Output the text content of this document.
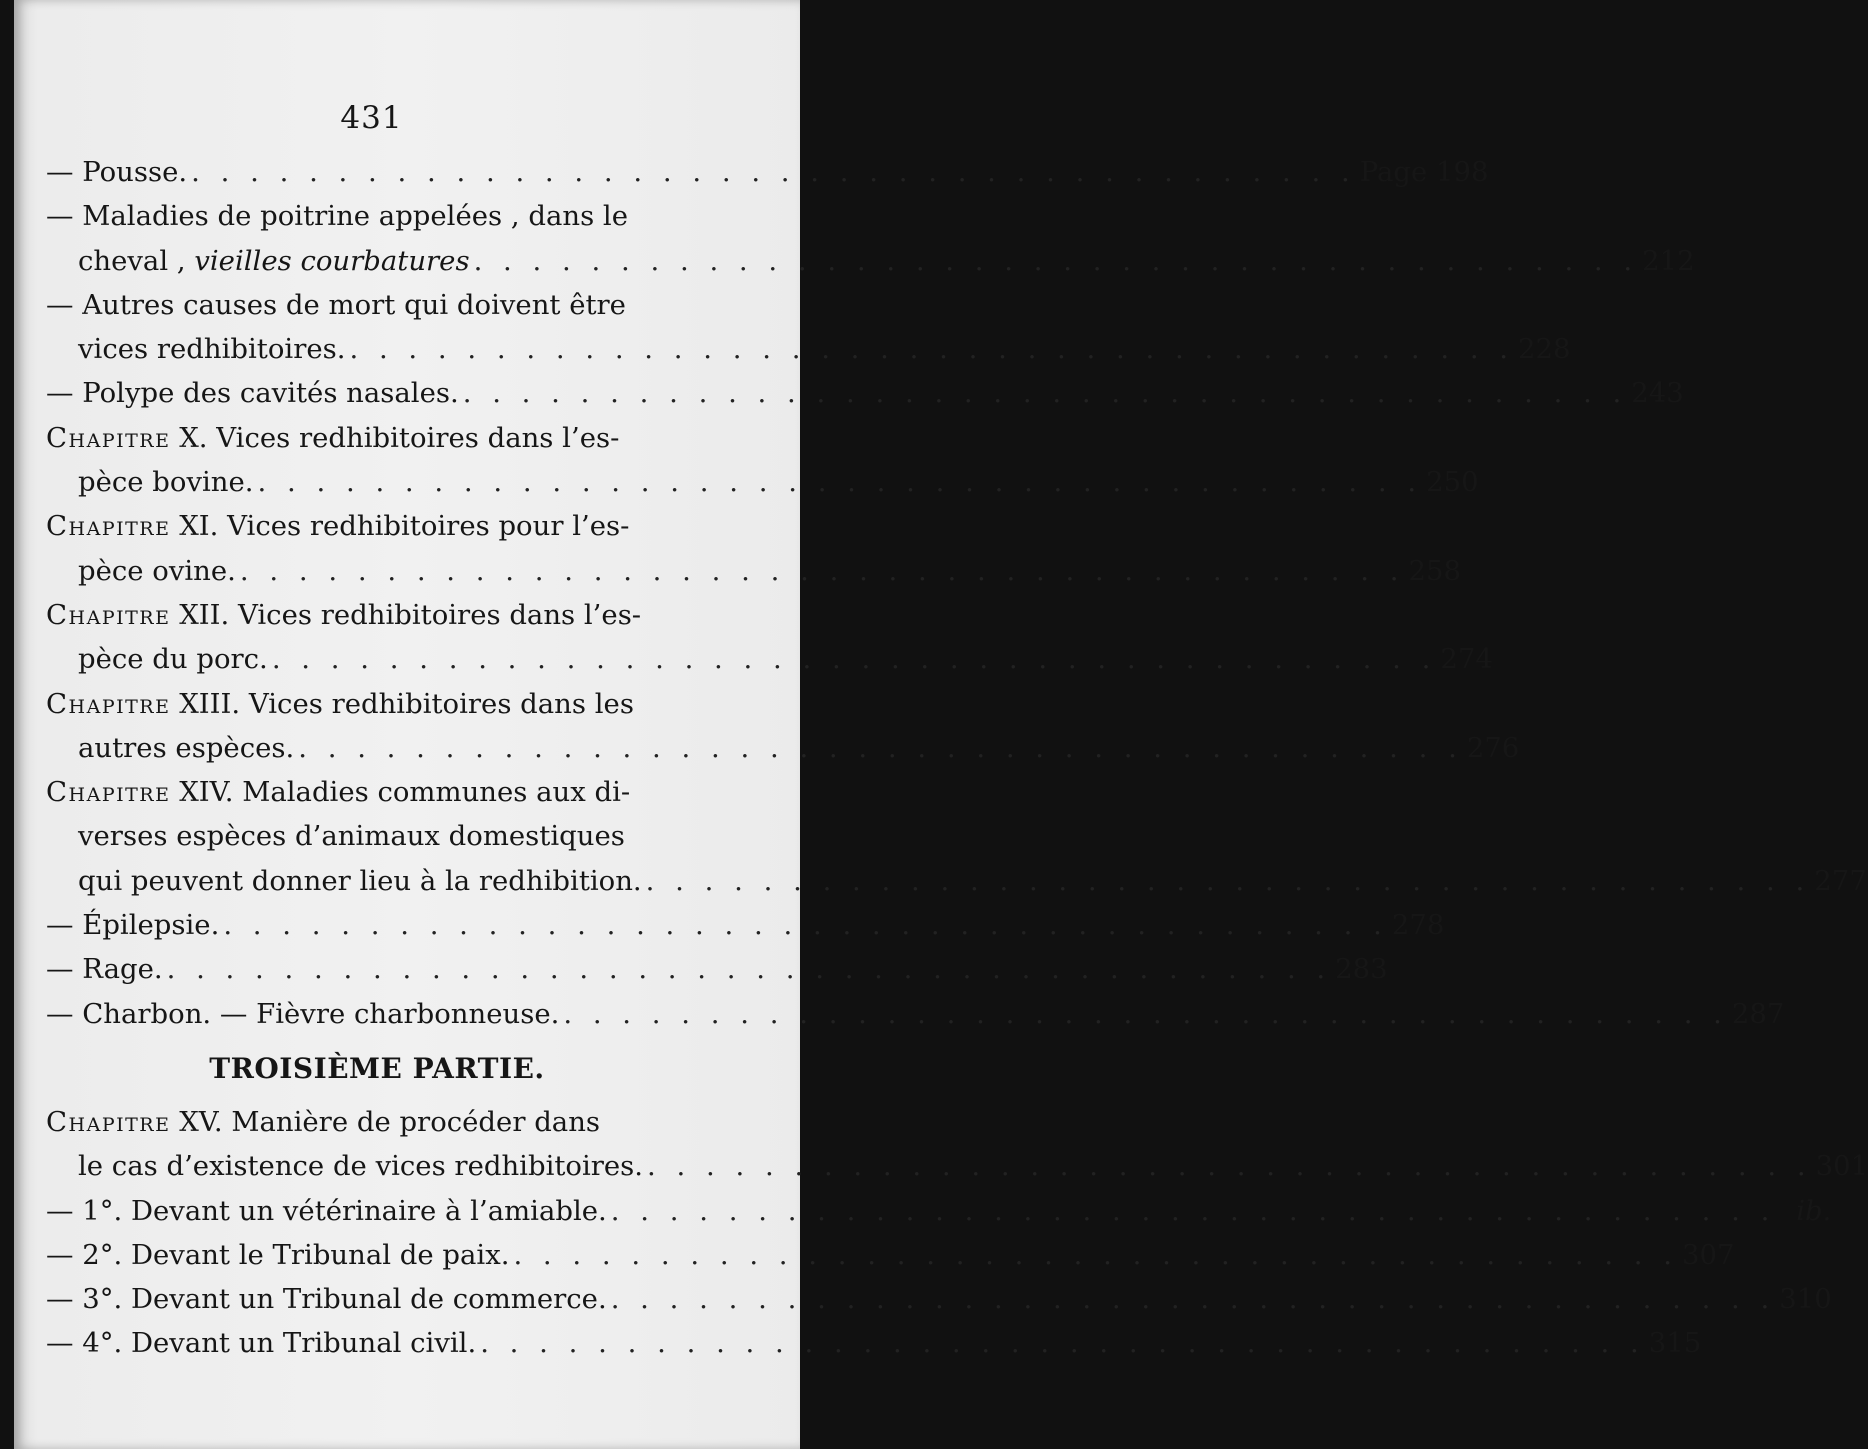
431
— Pousse. . . . . . . . . . . . . . . . . . . . . . . . . . . . . . . . . . . . . . . . . Page 198
— Maladies de poitrine appelées , dans le
cheval , vieilles courbatures . . . . . . . . . . . . . . . . . . . . . . . . . . . . . . . . . . . . . . . . 212
— Autres causes de mort qui doivent être
vices redhibitoires. . . . . . . . . . . . . . . . . . . . . . . . . . . . . . . . . . . . . . . . . 228
— Polype des cavités nasales. . . . . . . . . . . . . . . . . . . . . . . . . . . . . . . . . . . . . . . . . 243
Chapitre X. Vices redhibitoires dans l’es-
pèce bovine. . . . . . . . . . . . . . . . . . . . . . . . . . . . . . . . . . . . . . . . . 250
Chapitre XI. Vices redhibitoires pour l’es-
pèce ovine. . . . . . . . . . . . . . . . . . . . . . . . . . . . . . . . . . . . . . . . . 258
Chapitre XII. Vices redhibitoires dans l’es-
pèce du porc. . . . . . . . . . . . . . . . . . . . . . . . . . . . . . . . . . . . . . . . . 274
Chapitre XIII. Vices redhibitoires dans les
autres espèces. . . . . . . . . . . . . . . . . . . . . . . . . . . . . . . . . . . . . . . . . 276
Chapitre XIV. Maladies communes aux di-
verses espèces d’animaux domestiques
qui peuvent donner lieu à la redhibition. . . . . . . . . . . . . . . . . . . . . . . . . . . . . . . . . . . . . . . . . 277
— Épilepsie. . . . . . . . . . . . . . . . . . . . . . . . . . . . . . . . . . . . . . . . . 278
— Rage. . . . . . . . . . . . . . . . . . . . . . . . . . . . . . . . . . . . . . . . . 283
— Charbon. — Fièvre charbonneuse. . . . . . . . . . . . . . . . . . . . . . . . . . . . . . . . . . . . . . . . . 287
TROISIÈME PARTIE.
Chapitre XV. Manière de procéder dans
le cas d’existence de vices redhibitoires. . . . . . . . . . . . . . . . . . . . . . . . . . . . . . . . . . . . . . . . . 301
— 1°. Devant un vétérinaire à l’amiable. . . . . . . . . . . . . . . . . . . . . . . . . . . . . . . . . . . . . . . . . ib.
— 2°. Devant le Tribunal de paix. . . . . . . . . . . . . . . . . . . . . . . . . . . . . . . . . . . . . . . . . 307
— 3°. Devant un Tribunal de commerce. . . . . . . . . . . . . . . . . . . . . . . . . . . . . . . . . . . . . . . . . 310
— 4°. Devant un Tribunal civil. . . . . . . . . . . . . . . . . . . . . . . . . . . . . . . . . . . . . . . . . 315
